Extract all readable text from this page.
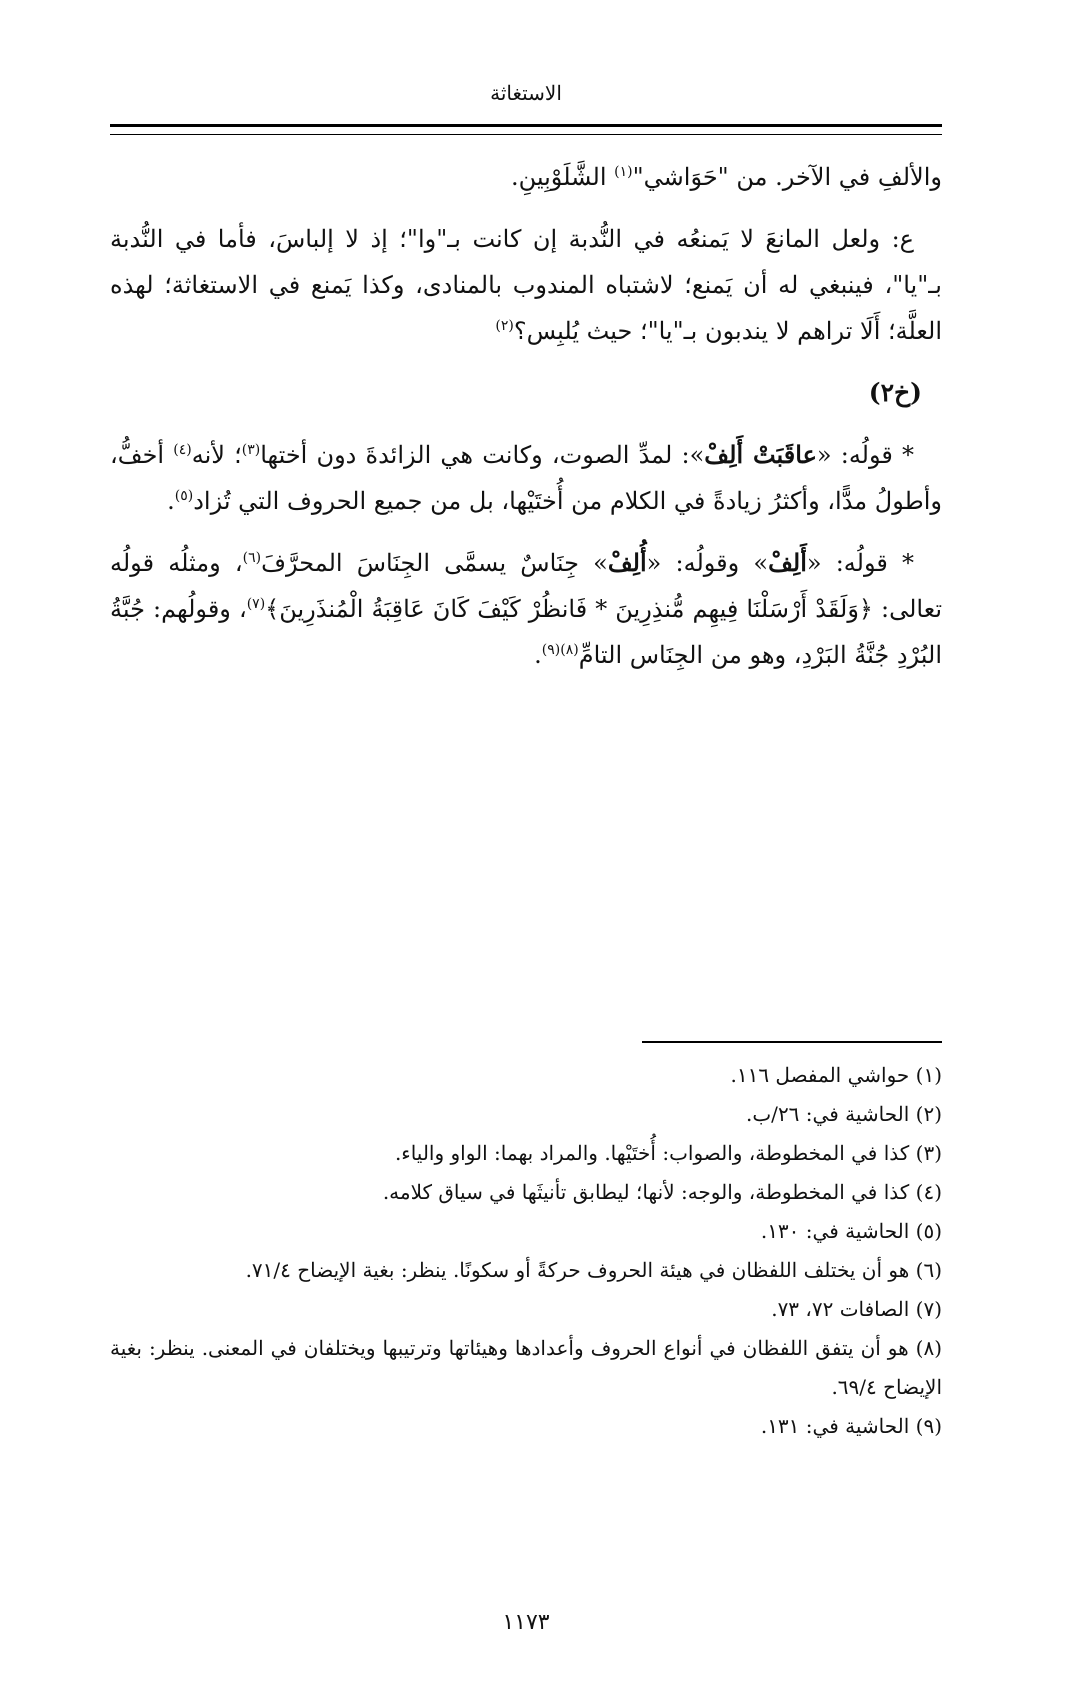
الاستغاثة

والألفِ في الآخر. من "حَوَاشي"$^{(١)}$ الشَّلَوْبِينِ.

ع: ولعل المانعَ لا يَمنعُه في النُّدبة إن كانت بـ"وا"؛ إذ لا إلباسَ، فأما في النُّدبة بـ"يا"، فينبغي له أن يَمنع؛ لاشتباه المندوب بالمنادى، وكذا يَمنع في الاستغاثة؛ لهذه العلَّة؛ أَلَا تراهم لا يندبون بـ"يا"؛ حيث يُلبِس؟$^{(٢)}$

(خ٢)

* قولُه: «عاقَبَتْ أَلِفْ»: لمدِّ الصوت، وكانت هي الزائدةَ دون أختها$^{(٣)}$؛ لأنه$^{(٤)}$ أخفُّ، وأطولُ مدًّا، وأكثرُ زيادةً في الكلام من أُختَيْها، بل من جميع الحروف التي تُزاد$^{(٥)}$.

* قولُه: «أَلِفْ» وقولُه: «أُلِفْ» جِنَاسٌ يسمَّى الجِنَاسَ المحرَّفَ$^{(٦)}$، ومثلُه قولُه تعالى: ﴿وَلَقَدْ أَرْسَلْنَا فِيهِم مُّنذِرِينَ * فَانظُرْ كَيْفَ كَانَ عَاقِبَةُ الْمُنذَرِينَ﴾$^{(٧)}$، وقولُهم: جُبَّةُ البُرْدِ جُنَّةُ البَرْدِ، وهو من الجِنَاس التامِّ$^{(٨)(٩)}$.

(١) حواشي المفصل ١١٦.

(٢) الحاشية في: ٢٦/ب.

(٣) كذا في المخطوطة، والصواب: أُختَيْها. والمراد بهما: الواو والياء.

(٤) كذا في المخطوطة، والوجه: لأنها؛ ليطابق تأنيثَها في سياق كلامه.

(٥) الحاشية في: ١٣٠.

(٦) هو أن يختلف اللفظان في هيئة الحروف حركةً أو سكونًا. ينظر: بغية الإيضاح ٧١/٤.

(٧) الصافات ٧٢، ٧٣.

(٨) هو أن يتفق اللفظان في أنواع الحروف وأعدادها وهيئاتها وترتيبها ويختلفان في المعنى. ينظر: بغية الإيضاح ٦٩/٤.

(٩) الحاشية في: ١٣١.

١١٧٣
